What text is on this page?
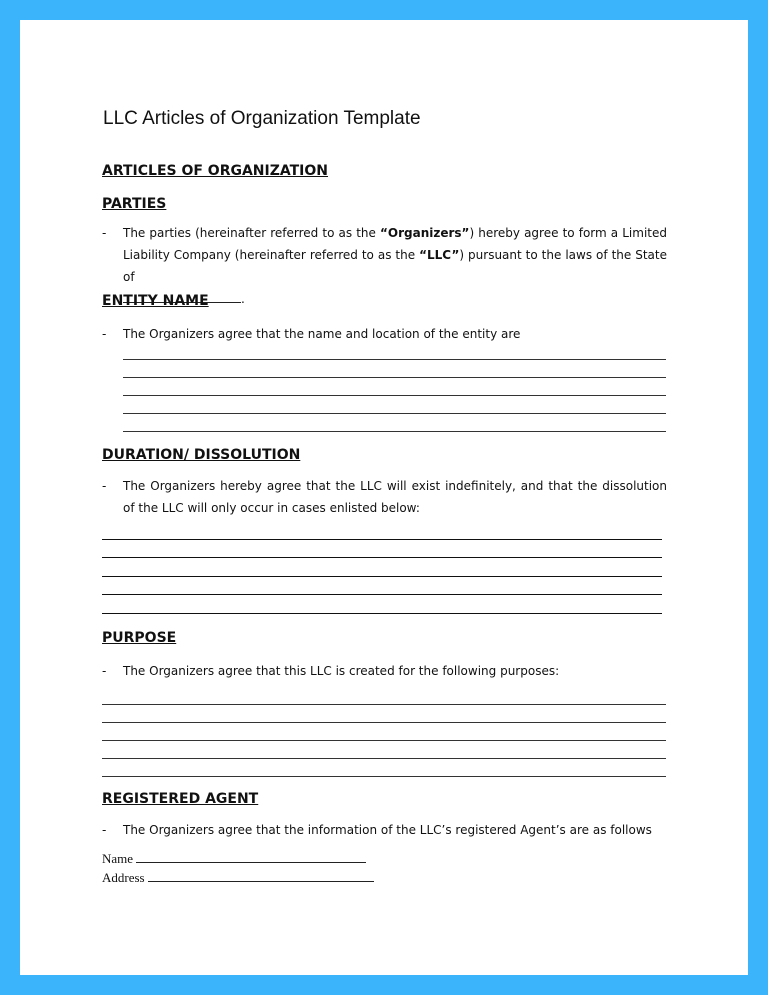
LLC Articles of Organization Template
ARTICLES OF ORGANIZATION
PARTIES
- The parties (hereinafter referred to as the “Organizers”) hereby agree to form a Limited Liability Company (hereinafter referred to as the “LLC”) pursuant to the laws of the State of
.
ENTITY NAME
- The Organizers agree that the name and location of the entity are
DURATION/ DISSOLUTION
- The Organizers hereby agree that the LLC will exist indefinitely, and that the dissolution of the LLC will only occur in cases enlisted below:
PURPOSE
- The Organizers agree that this LLC is created for the following purposes:
REGISTERED AGENT
- The Organizers agree that the information of the LLC’s registered Agent’s are as follows
Name
Address
